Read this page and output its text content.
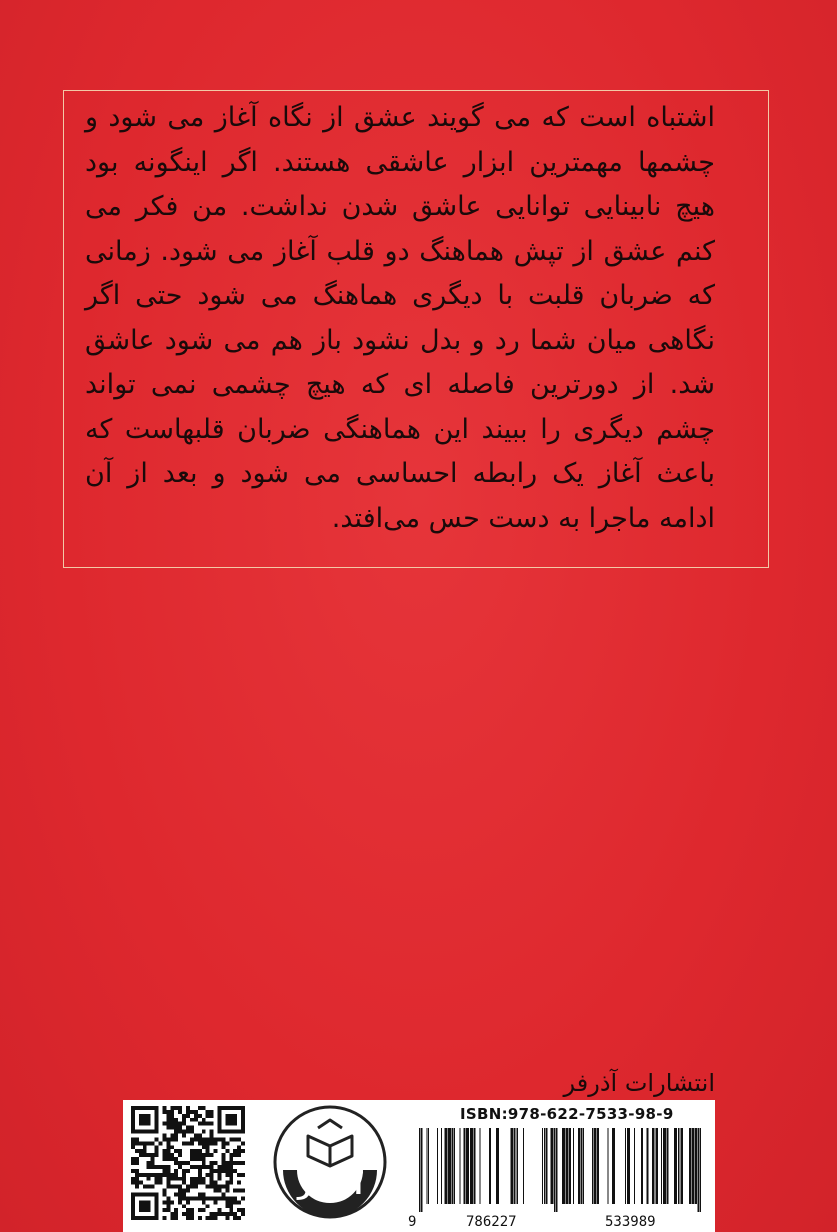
اشتباه است که می گویند عشق از نگاه آغاز می شود و چشمها مهمترین ابزار عاشقی هستند. اگر اینگونه بود هیچ نابینایی توانایی عاشق شدن نداشت. من فکر می کنم عشق از تپش هماهنگ دو قلب آغاز می شود. زمانی که ضربان قلبت با دیگری هماهنگ می شود حتی اگر نگاهی میان شما رد و بدل نشود باز هم می شود عاشق شد. از دورترین فاصله ای که هیچ چشمی نمی تواند چشم دیگری را ببیند این هماهنگی ضربان قلبهاست که باعث آغاز یک رابطه احساسی می شود و بعد از آن ادامه ماجرا به دست حس می‌افتد.

انتشارات آذرفر
آذرفر
ISBN:978-622-7533-98-9
9	786227	533989
